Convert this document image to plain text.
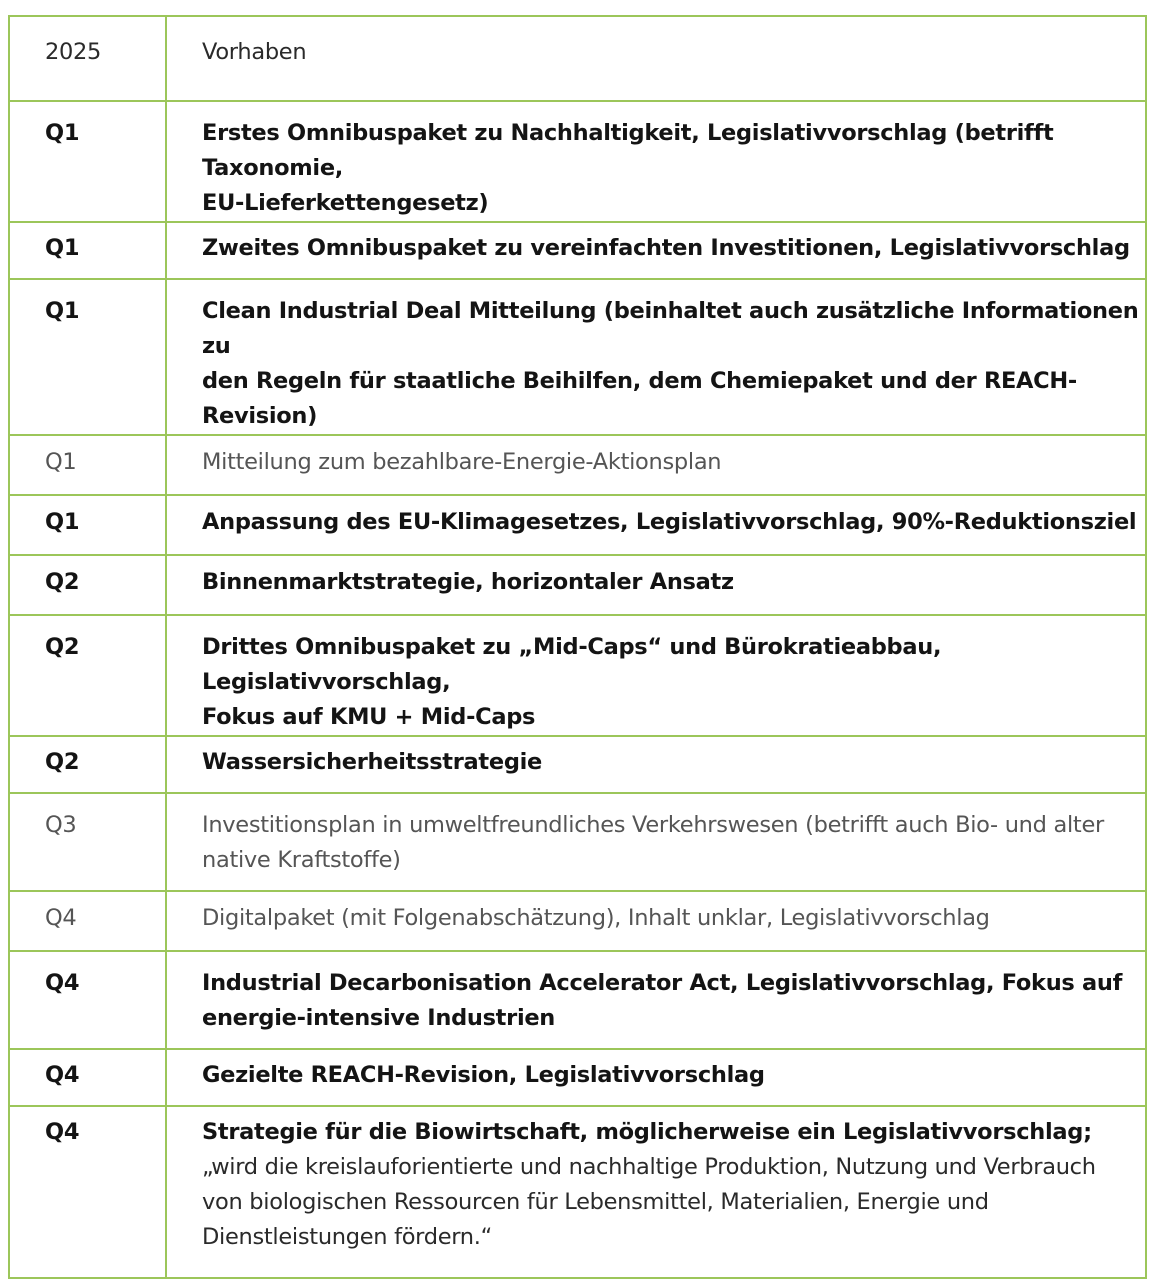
2025	Vorhaben
Q1	Erstes Omnibuspaket zu Nachhaltigkeit, Legislativvorschlag (betrifft Taxonomie,
EU-Lieferkettengesetz)

Q1	Zweites Omnibuspaket zu vereinfachten Investitionen, Legislativvorschlag

Q1	Clean Industrial Deal Mitteilung (beinhaltet auch zusätzliche Informationen zu
den Regeln für staatliche Beihilfen, dem Chemiepaket und der REACH-Revision)

Q1	Mitteilung zum bezahlbare-Energie-Aktionsplan

Q1	Anpassung des EU-Klimagesetzes, Legislativvorschlag, 90%-Reduktionsziel

Q2	Binnenmarktstrategie, horizontaler Ansatz

Q2	Drittes Omnibuspaket zu „Mid-Caps“ und Bürokratieabbau, Legislativvorschlag,
Fokus auf KMU + Mid-Caps

Q2	Wassersicherheitsstrategie

Q3	Investitionsplan in umweltfreundliches Verkehrswesen (betrifft auch Bio- und alter
native Kraftstoffe)

Q4	Digitalpaket (mit Folgenabschätzung), Inhalt unklar, Legislativvorschlag

Q4	Industrial Decarbonisation Accelerator Act, Legislativvorschlag, Fokus auf
energie-intensive Industrien

Q4	Gezielte REACH-Revision, Legislativvorschlag

Q4	Strategie für die Biowirtschaft, möglicherweise ein Legislativvorschlag;
„wird die kreislauforientierte und nachhaltige Produktion, Nutzung und Verbrauch
von biologischen Ressourcen für Lebensmittel, Materialien, Energie und
Dienstleistungen fördern.“
